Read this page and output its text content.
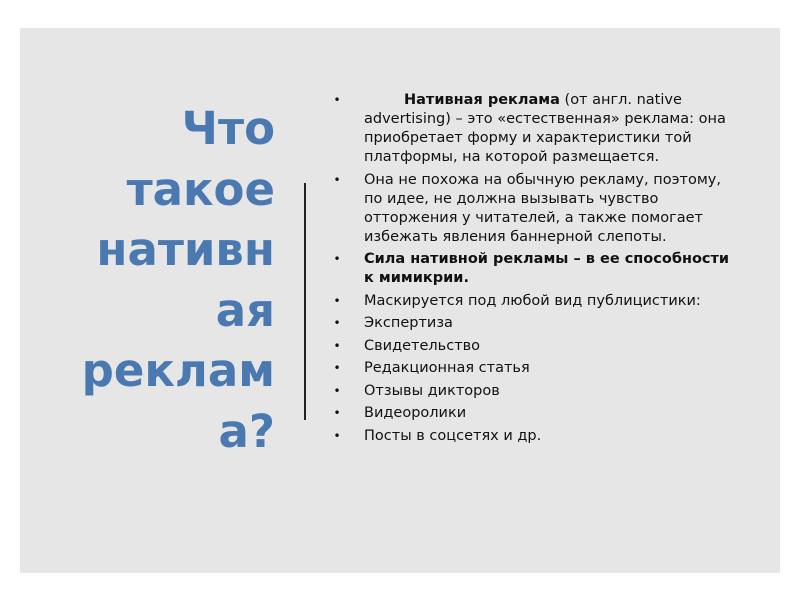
Что
такое
нативн
ая
реклам
а?
•	Нативная реклама (от англ. native advertising) – это «естественная» реклама: она приобретает форму и характеристики той платформы, на которой размещается.
• Она не похожа на обычную рекламу, поэтому, по идее, не должна вызывать чувство отторжения у читателей, а также помогает избежать явления баннерной слепоты.
• Сила нативной рекламы – в ее способности к мимикрии.
• Маскируется под любой вид публицистики:
• Экспертиза
• Свидетельство
• Редакционная статья
• Отзывы дикторов
• Видеоролики
• Посты в соцсетях и др.
